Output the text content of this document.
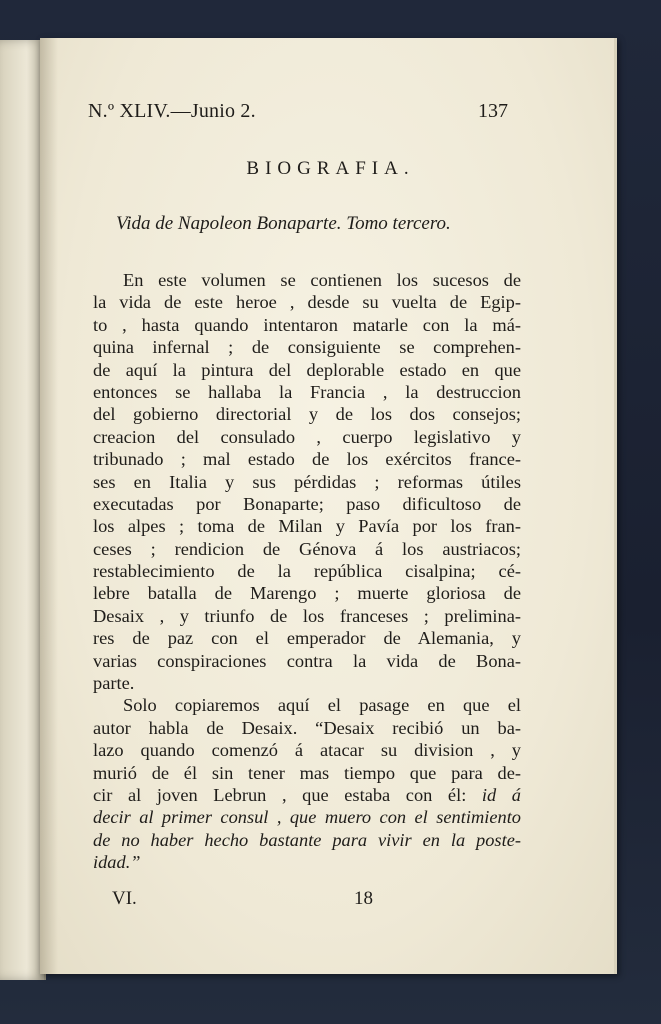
N.º XLIV.—Junio 2.	137
BIOGRAFIA.
Vida de Napoleon Bonaparte. Tomo tercero.
En este volumen se contienen los sucesos de
la vida de este heroe , desde su vuelta de Egip-
to , hasta quando intentaron matarle con la má-
quina infernal ; de consiguiente se comprehen-
de aquí la pintura del deplorable estado en que
entonces se hallaba la Francia , la destruccion
del gobierno directorial y de los dos consejos;
creacion del consulado , cuerpo legislativo y
tribunado ; mal estado de los exércitos france-
ses en Italia y sus pérdidas ; reformas útiles
executadas por Bonaparte; paso dificultoso de
los alpes ; toma de Milan y Pavía por los fran-
ceses ; rendicion de Génova á los austriacos;
restablecimiento de la república cisalpina; cé-
lebre batalla de Marengo ; muerte gloriosa de
Desaix , y triunfo de los franceses ; prelimina-
res de paz con el emperador de Alemania, y
varias conspiraciones contra la vida de Bona-
parte.
Solo copiaremos aquí el pasage en que el
autor habla de Desaix. “Desaix recibió un ba-
lazo quando comenzó á atacar su division , y
murió de él sin tener mas tiempo que para de-
cir al joven Lebrun , que estaba con él: id á
decir al primer consul , que muero con el sentimiento
de no haber hecho bastante para vivir en la poste-
idad.”
VI.	18
